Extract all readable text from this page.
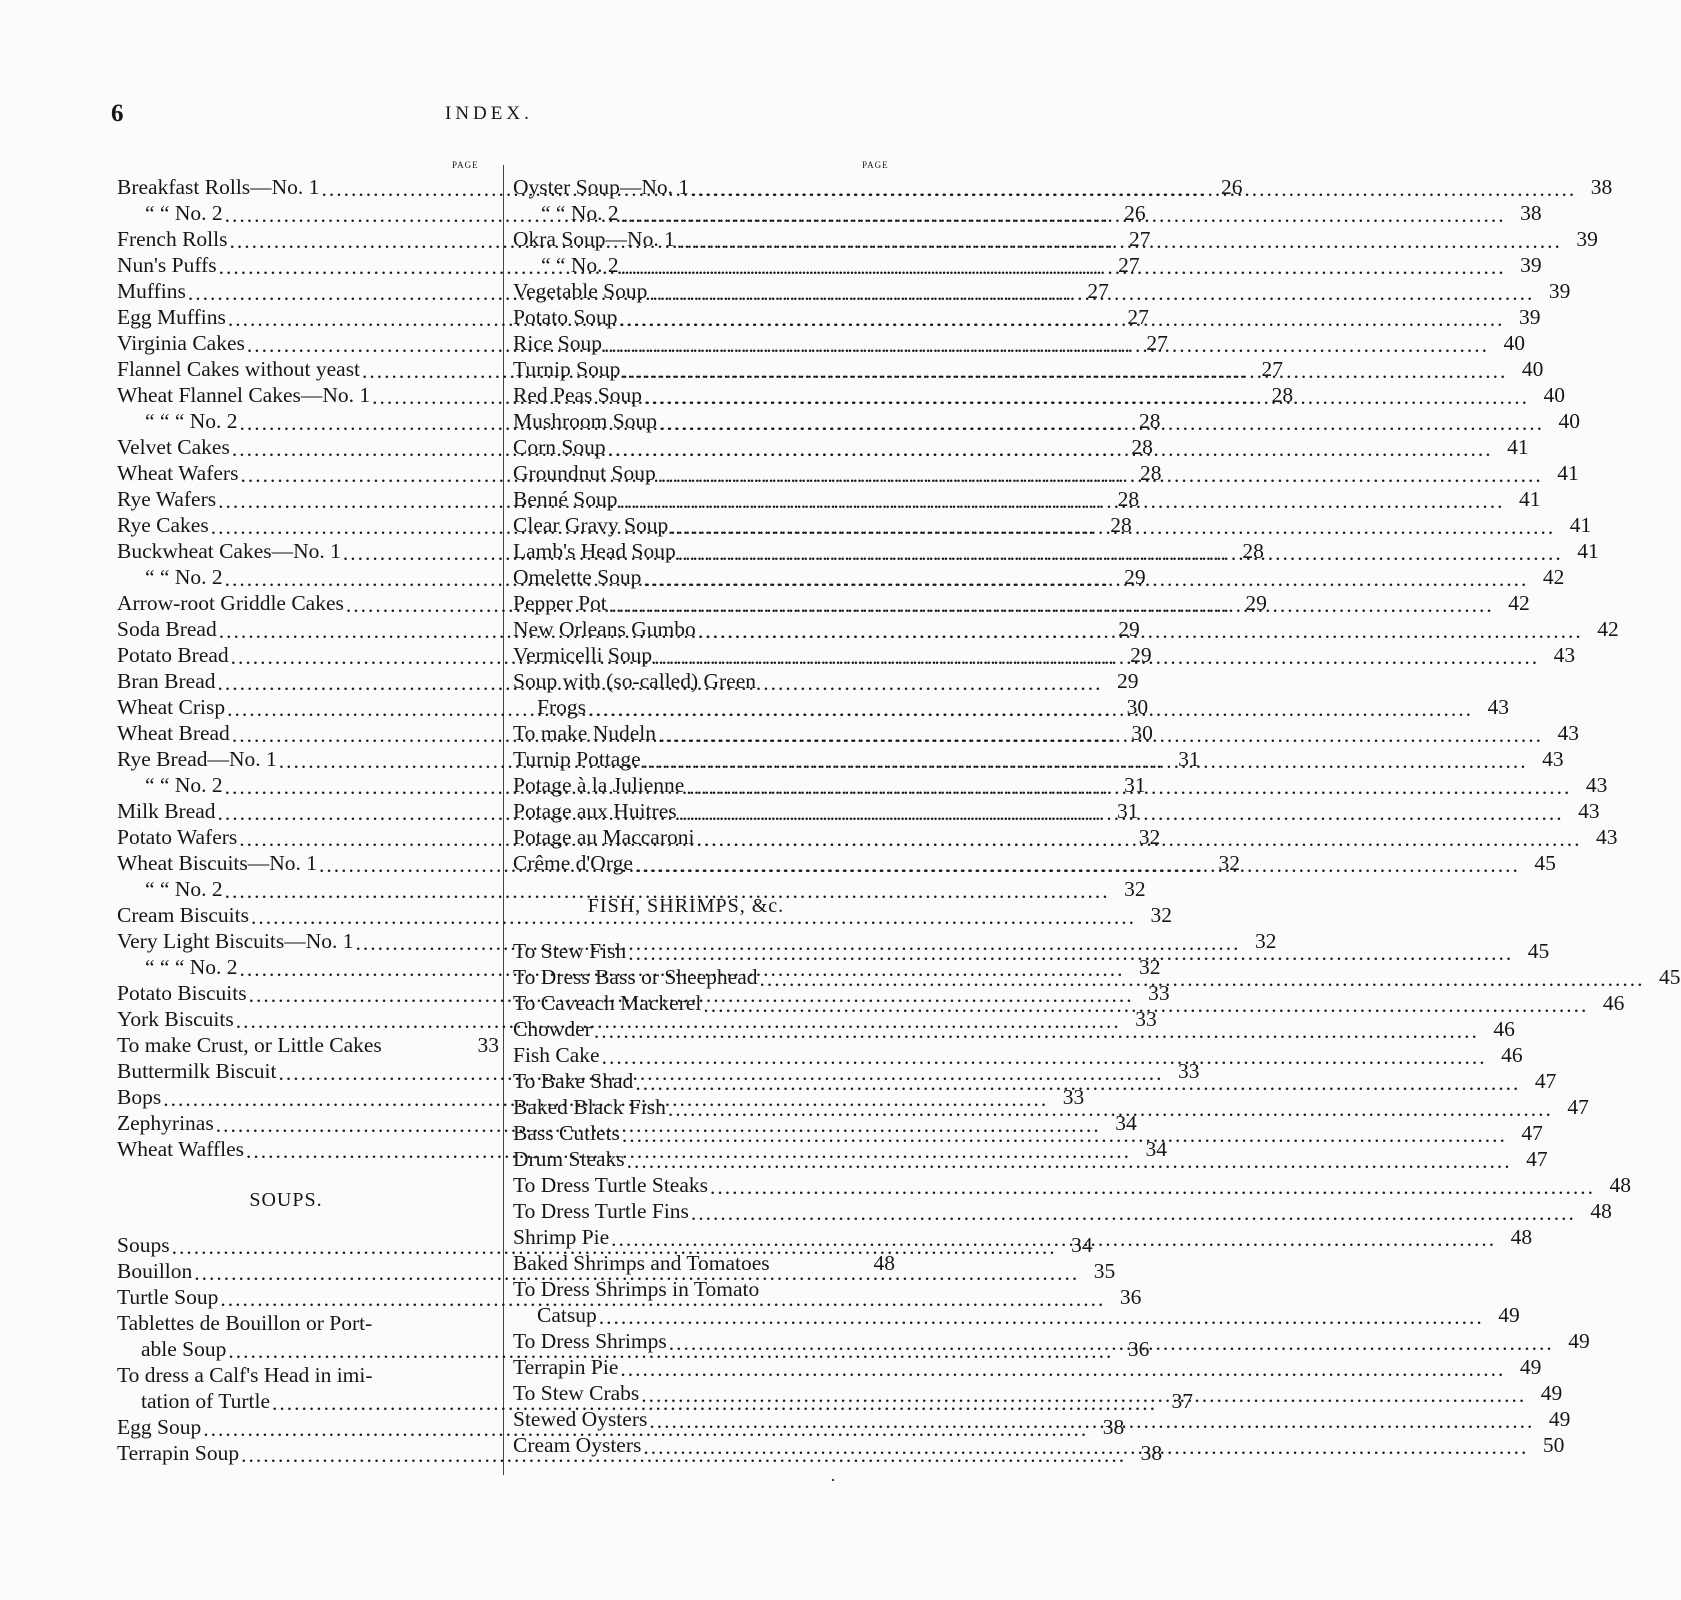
6	INDEX.
PAGE	PAGE
Breakfast Rolls—No. 1 .....	26
“ “ No. 2 .....	26
French Rolls .....	27
Nun's Puffs .....	27
Muffins .....	27
Egg Muffins .....	27
Virginia Cakes .....	27
Flannel Cakes without yeast .....	27
Wheat Flannel Cakes—No. 1 .....	28
“ “ “ No. 2 .....	28
Velvet Cakes .....	28
Wheat Wafers .....	28
Rye Wafers .....	28
Rye Cakes .....	28
Buckwheat Cakes—No. 1 .....	28
“ “ No. 2 .....	29
Arrow-root Griddle Cakes .....	29
Soda Bread .....	29
Potato Bread .....	29
Bran Bread .....	29
Wheat Crisp .....	30
Wheat Bread .....	30
Rye Bread—No. 1 .....	31
“ “ No. 2 .....	31
Milk Bread .....	31
Potato Wafers .....	32
Wheat Biscuits—No. 1 .....	32
“ “ No. 2 .....	32
Cream Biscuits .....	32
Very Light Biscuits—No. 1 .....	32
“ “ “ No. 2 .....	32
Potato Biscuits .....	33
York Biscuits .....	33
To make Crust, or Little Cakes	33
Buttermilk Biscuit .....	33
Bops .....	33
Zephyrinas .....	34
Wheat Waffles .....	34
SOUPS.
Soups .....	34
Bouillon .....	35
Turtle Soup .....	36
Tablettes de Bouillon or Port-
able Soup .....	36
To dress a Calf's Head in imi-
tation of Turtle .....	37
Egg Soup .....	38
Terrapin Soup .....	38
Oyster Soup—No. 1 .....	38
“ “ No. 2 .....	38
Okra Soup—No. 1 .....	39
“ “ No. 2 .....	39
Vegetable Soup .....	39
Potato Soup .....	39
Rice Soup .....	40
Turnip Soup .....	40
Red Peas Soup .....	40
Mushroom Soup .....	40
Corn Soup .....	41
Groundnut Soup .....	41
Benné Soup .....	41
Clear Gravy Soup .....	41
Lamb's Head Soup .....	41
Omelette Soup .....	42
Pepper Pot .....	42
New Orleans Gumbo .....	42
Vermicelli Soup .....	43
Soup with (so-called) Green
Frogs .....	43
To make Nudeln .....	43
Turnip Pottage .....	43
Potage à la Julienne .....	43
Potage aux Huitres .....	43
Potage au Maccaroni .....	43
Crême d'Orge .....	45
FISH, SHRIMPS, &c.
To Stew Fish .....	45
To Dress Bass or Sheephead .....	45
To Caveach Mackerel .....	46
Chowder .....	46
Fish Cake .....	46
To Bake Shad .....	47
Baked Black Fish .....	47
Bass Cutlets .....	47
Drum Steaks .....	47
To Dress Turtle Steaks .....	48
To Dress Turtle Fins .....	48
Shrimp Pie .....	48
Baked Shrimps and Tomatoes	48
To Dress Shrimps in Tomato
Catsup .....	49
To Dress Shrimps .....	49
Terrapin Pie .....	49
To Stew Crabs .....	49
Stewed Oysters .....	49
Cream Oysters .....	50
·
